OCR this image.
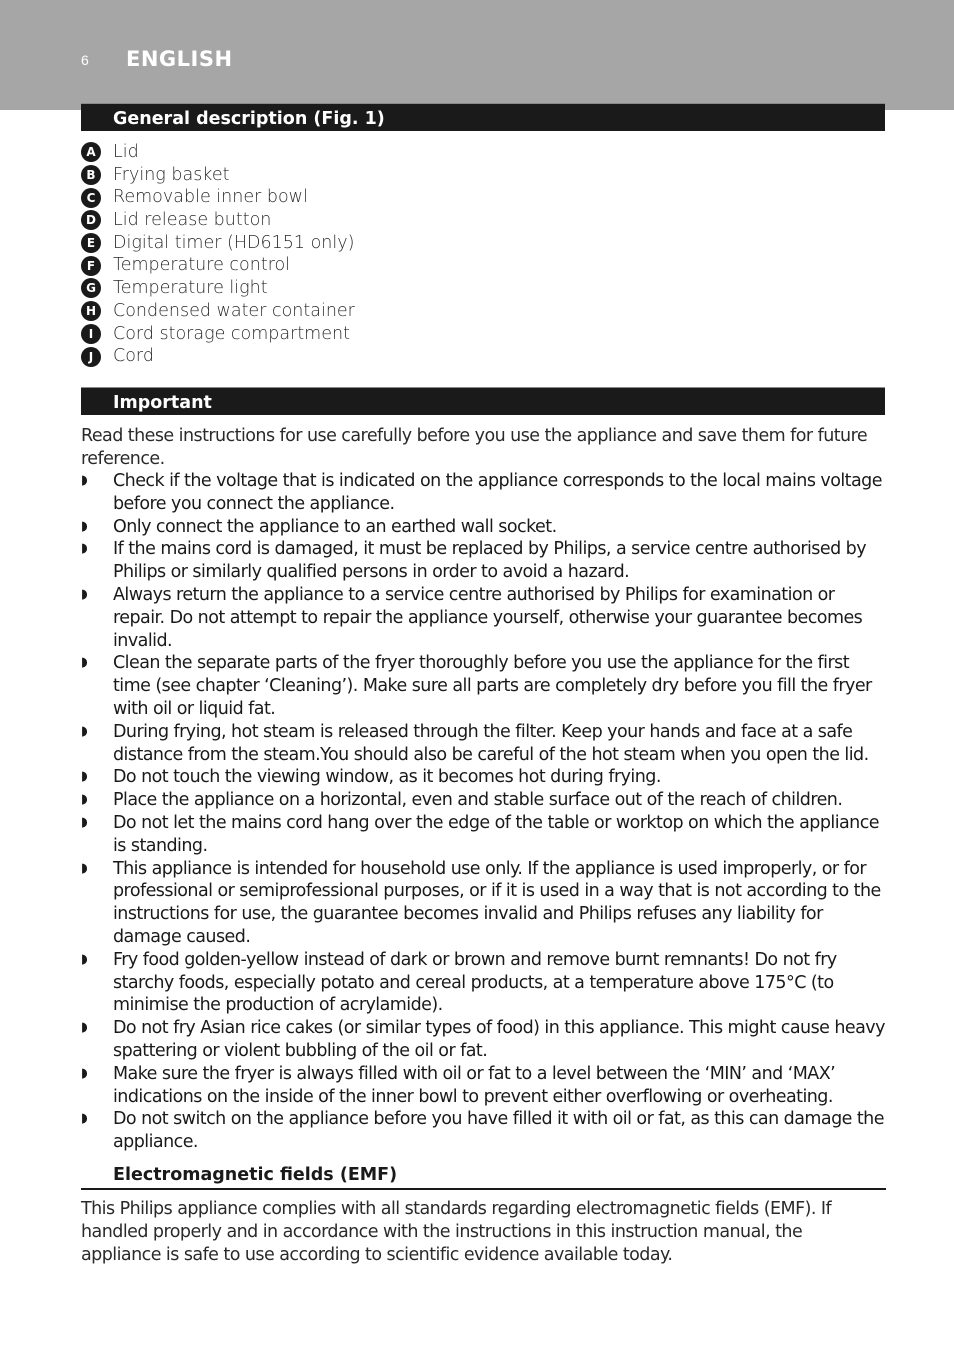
6 ENGLISH
General description (Fig. 1)
A Lid
B Frying basket
C	Removable inner bowl
D Lid release button
E	Digital timer (HD6151 only)
F	Temperature control
G Temperature light
H Condensed water container
I	Cord storage compartment
J	Cord
Important

Read these instructions for use carefully before you use the appliance and save them for future reference.

◗ Check if the voltage that is indicated on the appliance corresponds to the local mains voltage before you connect the appliance.
◗ Only connect the appliance to an earthed wall socket.
◗ If the mains cord is damaged, it must be replaced by Philips, a service centre authorised by Philips or similarly qualified persons in order to avoid a hazard.
◗ Always return the appliance to a service centre authorised by Philips for examination or repair. Do not attempt to repair the appliance yourself, otherwise your guarantee becomes invalid.
◗ Clean the separate parts of the fryer thoroughly before you use the appliance for the first time (see chapter ‘Cleaning’). Make sure all parts are completely dry before you fill the fryer with oil or liquid fat.
◗ During frying, hot steam is released through the filter. Keep your hands and face at a safe distance from the steam.You should also be careful of the hot steam when you open the lid.
◗ Do not touch the viewing window, as it becomes hot during frying.
◗ Place the appliance on a horizontal, even and stable surface out of the reach of children.
◗ Do not let the mains cord hang over the edge of the table or worktop on which the appliance is standing.
◗ This appliance is intended for household use only. If the appliance is used improperly, or for professional or semiprofessional purposes, or if it is used in a way that is not according to the instructions for use, the guarantee becomes invalid and Philips refuses any liability for damage caused.
◗ Fry food golden-yellow instead of dark or brown and remove burnt remnants! Do not fry starchy foods, especially potato and cereal products, at a temperature above 175°C (to minimise the production of acrylamide).
◗ Do not fry Asian rice cakes (or similar types of food) in this appliance. This might cause heavy spattering or violent bubbling of the oil or fat.
◗ Make sure the fryer is always filled with oil or fat to a level between the ‘MIN’ and ‘MAX’ indications on the inside of the inner bowl to prevent either overflowing or overheating.
◗ Do not switch on the appliance before you have filled it with oil or fat, as this can damage the appliance.
Electromagnetic fields (EMF)

This Philips appliance complies with all standards regarding electromagnetic fields (EMF). If handled properly and in accordance with the instructions in this instruction manual, the appliance is safe to use according to scientific evidence available today.
